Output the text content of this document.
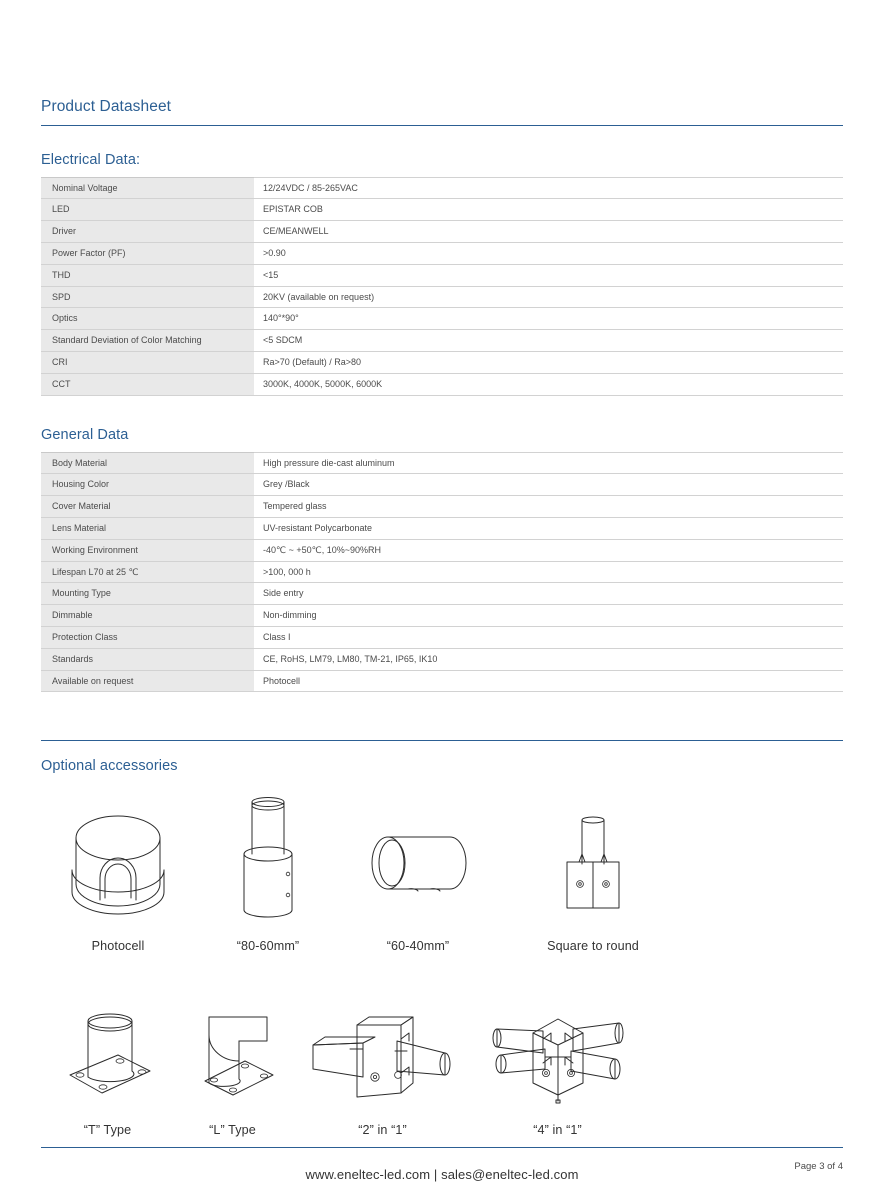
Product Datasheet
Electrical Data:
Nominal Voltage	12/24VDC / 85-265VAC
LED	EPISTAR COB
Driver	CE/MEANWELL
Power Factor (PF)	>0.90
THD	<15
SPD	20KV (available on request)
Optics	140°*90°
Standard Deviation of Color Matching	<5 SDCM
CRI	Ra>70 (Default) / Ra>80
CCT	3000K, 4000K, 5000K, 6000K
General Data
Body Material	High pressure die-cast aluminum
Housing Color	Grey /Black
Cover Material	Tempered glass
Lens Material	UV-resistant Polycarbonate
Working Environment	-40℃ ~ +50℃, 10%~90%RH
Lifespan L70 at 25 ℃	>100, 000 h
Mounting Type	Side entry
Dimmable	Non-dimming
Protection Class	Class I
Standards	CE, RoHS, LM79, LM80, TM-21, IP65, IK10
Available on request	Photocell
Optional accessories
Photocell	“80-60mm”	“60-40mm”	Square to round
“T” Type	“L” Type	“2” in “1”	“4” in “1”
www.eneltec-led.com | sales@eneltec-led.com
Page 3 of 4
